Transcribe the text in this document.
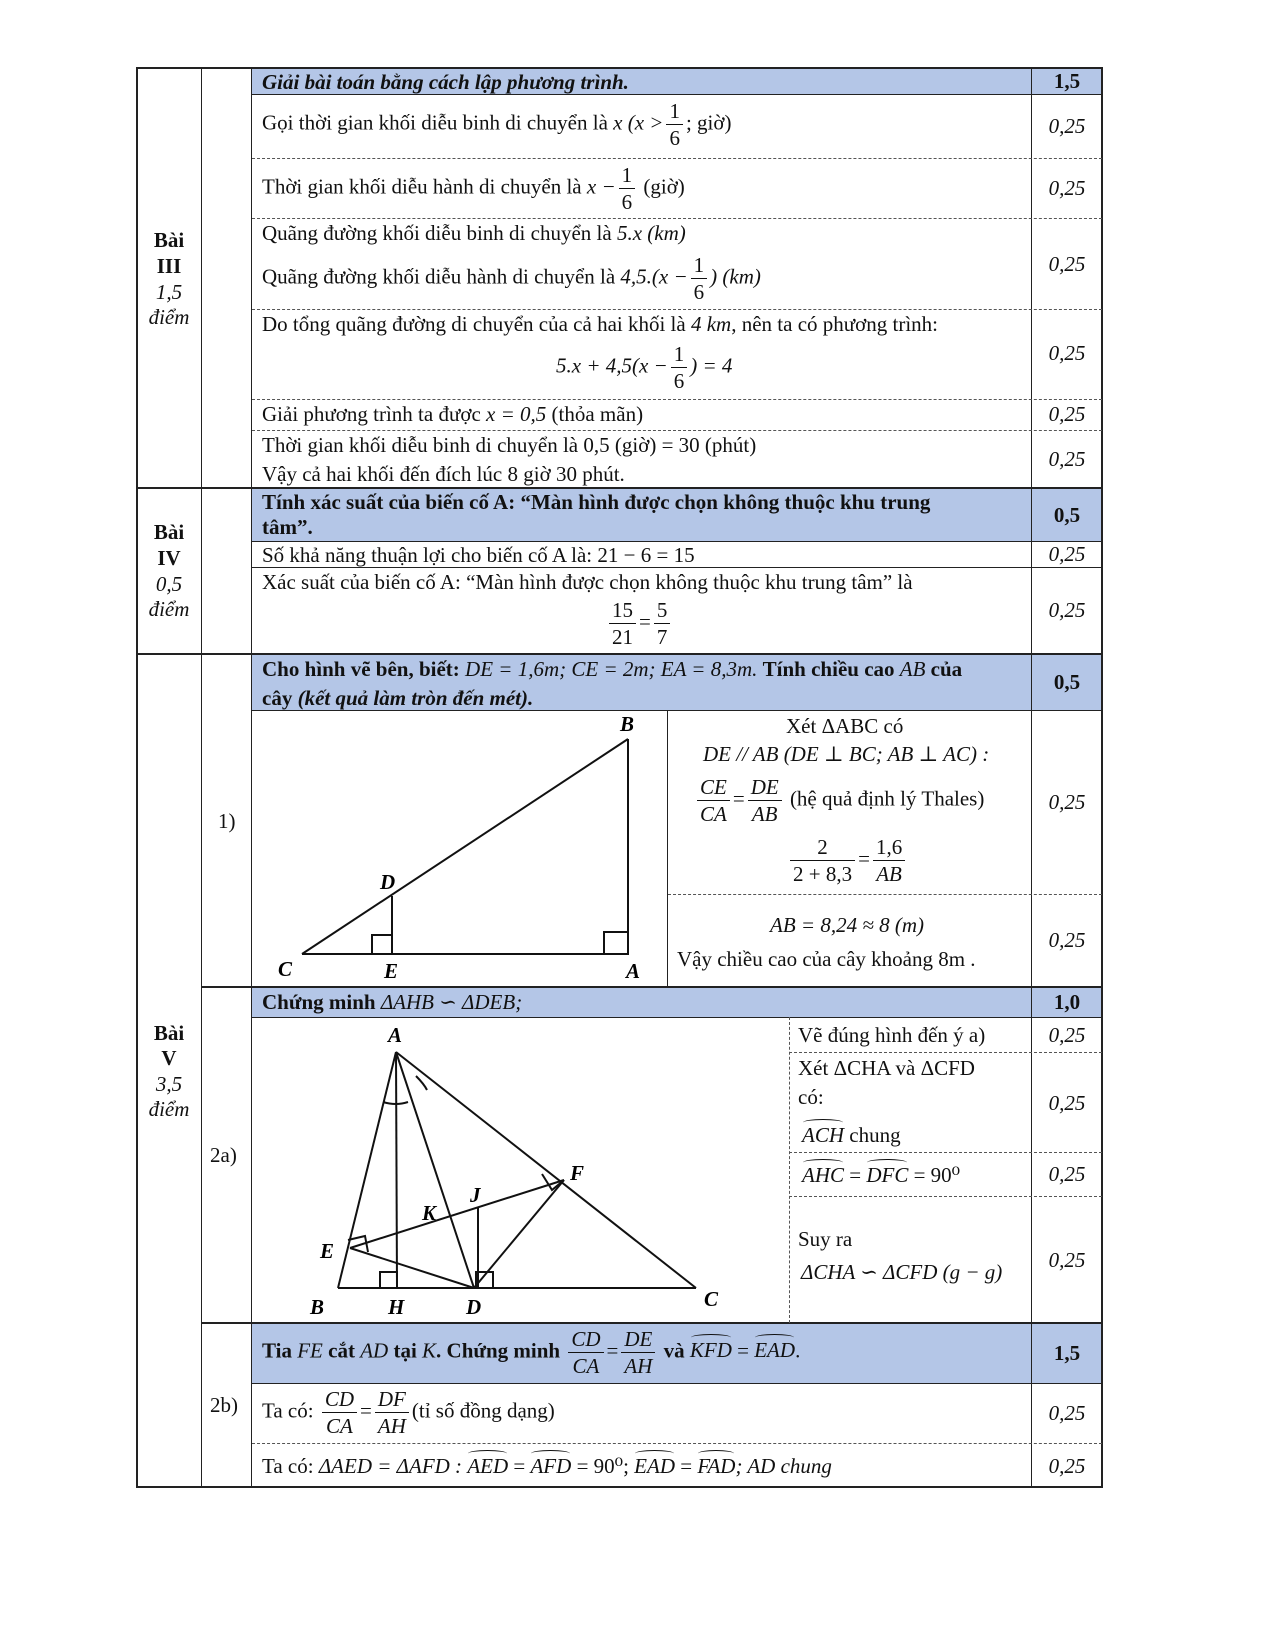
Bài
III
1,5
điểm
Giải bài toán bằng cách lập phương trình.	1,5
Gọi thời gian khối diễu binh di chuyển là x ($x > \frac{1}{6}$ ; giờ)	0,25
Thời gian khối diễu hành di chuyển là $x - \frac{1}{6}$ (giờ)	0,25
Quãng đường khối diễu binh di chuyển là 5.x (km)
Quãng đường khối diễu hành di chuyển là $4,5.(x - \frac{1}{6}$ ) (km)
0,25
Do tổng quãng đường di chuyển của cả hai khối là 4 km, nên ta có phương trình:
$5.x + 4,5(x - \frac{1}{6}$ ) = 4
0,25
Giải phương trình ta được x = 0,5 (thỏa mãn)	0,25
Thời gian khối diễu binh di chuyển là 0,5 (giờ) = 30 (phút)
Vậy cả hai khối đến đích lúc 8 giờ 30 phút.
0,25
Bài
IV
0,5
điểm
Tính xác suất của biến cố A: “Màn hình được chọn không thuộc khu trung
tâm”.	0,5
Số khả năng thuận lợi cho biến cố A là: 21 − 6 = 15	0,25
Xác suất của biến cố A: “Màn hình được chọn không thuộc khu trung tâm” là
$\frac{15}{21} = \frac{5}{7}$	0,25
Bài
V
3,5
điểm
1)
Cho hình vẽ bên, biết: DE = 1,6m; CE = 2m; EA = 8,3m. Tính chiều cao AB của
cây (kết quả làm tròn đến mét).
0,5
B
D
C	E	A
Xét ΔABC có
DE // AB (DE ⊥ BC; AB ⊥ AC) :
$\frac{CE}{CA} = \frac{DE}{AB}$ (hệ quả định lý Thales)
$\frac{2}{2 + 8,3} = \frac{1,6}{AB}$
0,25
AB = 8,24 ≈ 8 (m)
Vậy chiều cao của cây khoảng 8m .
0,25
2a)
Chứng minh ΔAHB ∽ ΔDEB;	1,0
A
F
J
K
E
B	H	D	C
Vẽ đúng hình đến ý a)	0,25
Xét ΔCHA và ΔCFD
có:
ACH chung
0,25
AHC = DFC = 90⁰	0,25
Suy ra
ΔCHA ∽ ΔCFD (g − g)	0,25
2b)
Tia FE cắt AD tại K. Chứng minh $\frac{CD}{CA} = \frac{DE}{AH}$ và KFD = EAD.	1,5
Ta có: $\frac{CD}{CA} = \frac{DF}{AH}$ (tỉ số đồng dạng)	0,25
Ta có: ΔAED = ΔAFD : AED = AFD = 90⁰; EAD = FAD; AD chung	0,25
